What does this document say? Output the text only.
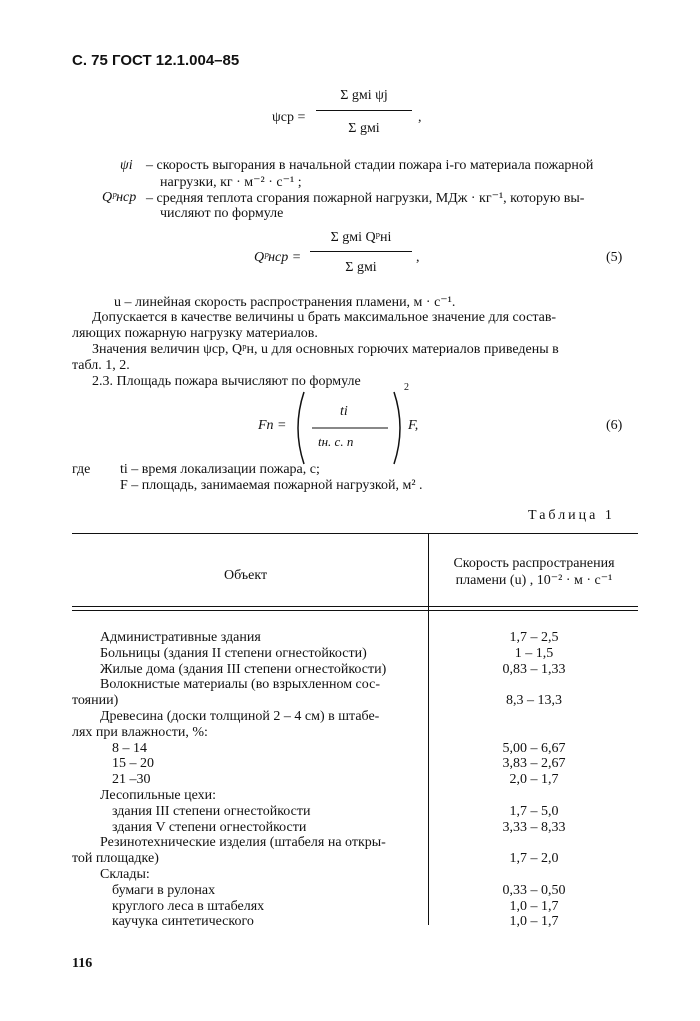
С. 75 ГОСТ 12.1.004–85
ψср =
Σ gмi ψj
Σ gмi
,
ψi – скорость выгорания в начальной стадии пожара i-го материала пожарной
нагрузки, кг · м⁻² · с⁻¹ ;
Qᵖнср – средняя теплота сгорания пожарной нагрузки, МДж · кг⁻¹, которую вы-
числяют по формуле
Qᵖнср =
Σ gмi Qᵖнi
Σ gмi
,	(5)
u – линейная скорость распространения пламени, м · с⁻¹.
Допускается в качестве величины u брать максимальное значение для состав-
ляющих пожарную нагрузку материалов.
Значения величин ψср, Qᵖн, u для основных горючих материалов приведены в
табл. 1, 2.
2.3. Площадь пожара вычисляют по формуле
Fп =
ti
tн. с. п
2
F,	(6)
где ti – время локализации пожара, с;
F – площадь, занимаемая пожарной нагрузкой, м² .
Таблица 1
Объект
Скорость распространения
пламени (u) , 10⁻² · м · с⁻¹
Административные здания	1,7 – 2,5
Больницы (здания II степени огнестойкости)	1 – 1,5
Жилые дома (здания III степени огнестойкости)	0,83 – 1,33
Волокнистые материалы (во взрыхленном сос-
тоянии)	8,3 – 13,3
Древесина (доски толщиной 2 – 4 см) в штабе-
лях при влажности, %:
8 – 14	5,00 – 6,67
15 – 20	3,83 – 2,67
21 –30	2,0 – 1,7
Лесопильные цехи:
здания III степени огнестойкости	1,7 – 5,0
здания V степени огнестойкости	3,33 – 8,33
Резинотехнические изделия (штабеля на откры-
той площадке)	1,7 – 2,0
Склады:
бумаги в рулонах	0,33 – 0,50
круглого леса в штабелях	1,0 – 1,7
каучука синтетического	1,0 – 1,7
116
